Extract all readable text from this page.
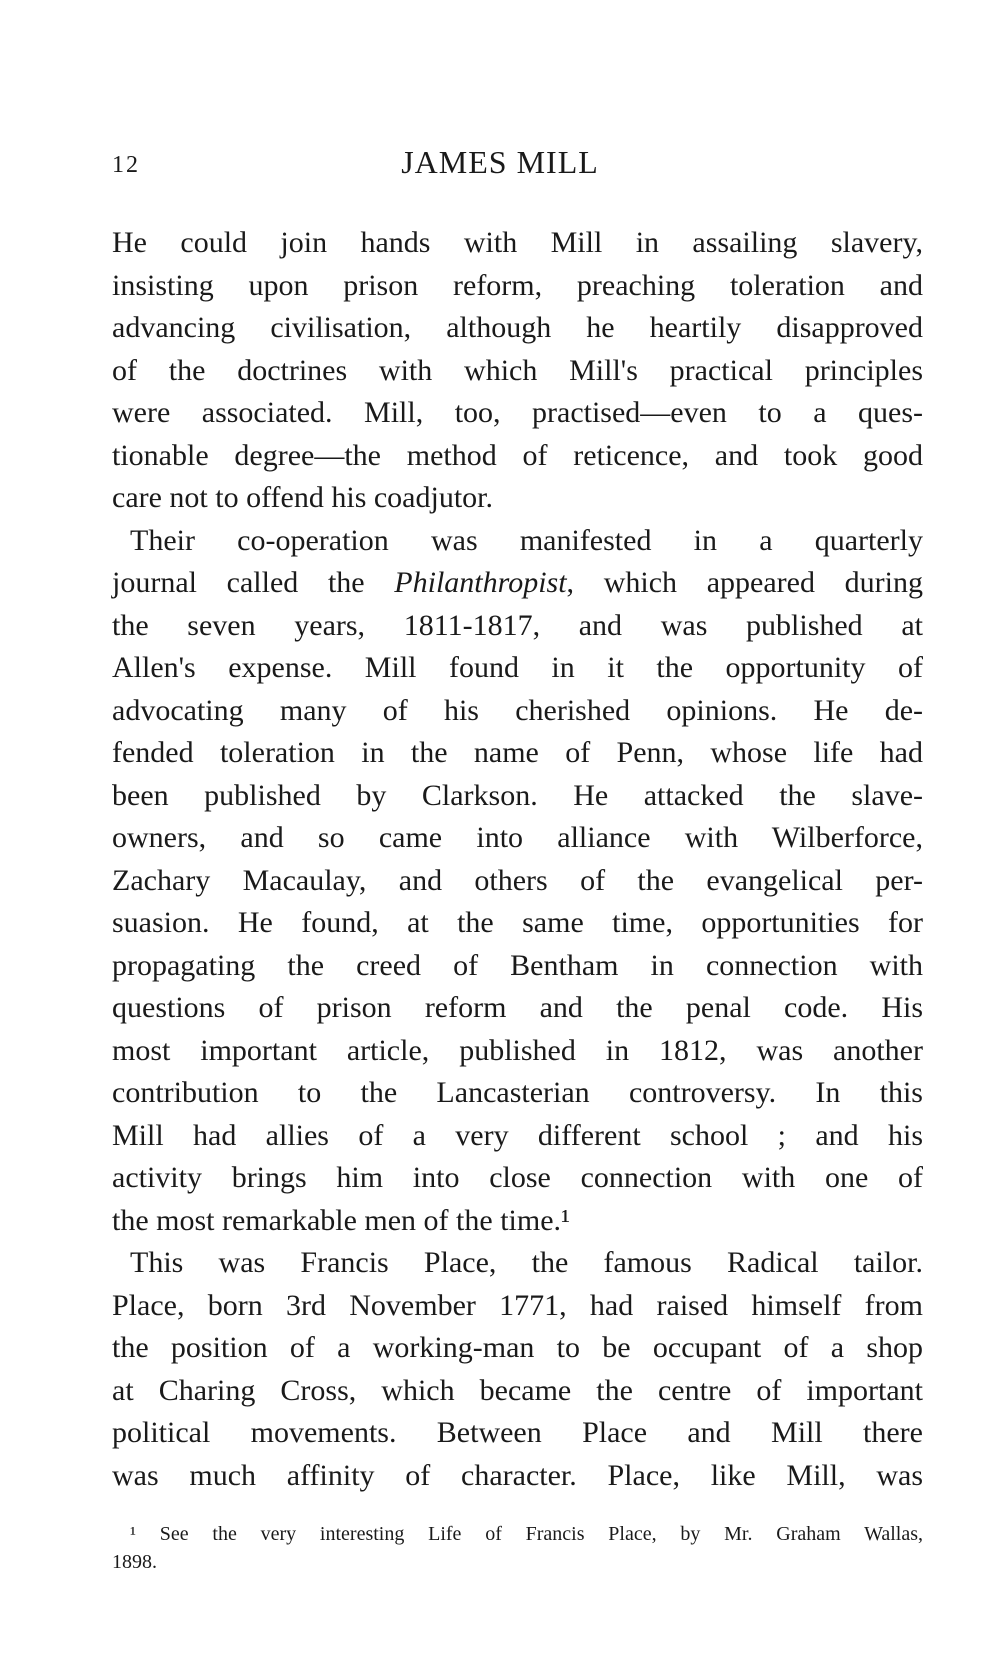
12	JAMES MILL
He could join hands with Mill in assailing slavery,
insisting upon prison reform, preaching toleration and
advancing civilisation, although he heartily disapproved
of the doctrines with which Mill's practical principles
were associated. Mill, too, practised—even to a ques-
tionable degree—the method of reticence, and took good
care not to offend his coadjutor.
Their co-operation was manifested in a quarterly
journal called the Philanthropist, which appeared during
the seven years, 1811-1817, and was published at
Allen's expense. Mill found in it the opportunity of
advocating many of his cherished opinions. He de-
fended toleration in the name of Penn, whose life had
been published by Clarkson. He attacked the slave-
owners, and so came into alliance with Wilberforce,
Zachary Macaulay, and others of the evangelical per-
suasion. He found, at the same time, opportunities for
propagating the creed of Bentham in connection with
questions of prison reform and the penal code. His
most important article, published in 1812, was another
contribution to the Lancasterian controversy. In this
Mill had allies of a very different school ; and his
activity brings him into close connection with one of
the most remarkable men of the time.¹
This was Francis Place, the famous Radical tailor.
Place, born 3rd November 1771, had raised himself from
the position of a working-man to be occupant of a shop
at Charing Cross, which became the centre of important
political movements. Between Place and Mill there
was much affinity of character. Place, like Mill, was
¹ See the very interesting Life of Francis Place, by Mr. Graham Wallas,
1898.
